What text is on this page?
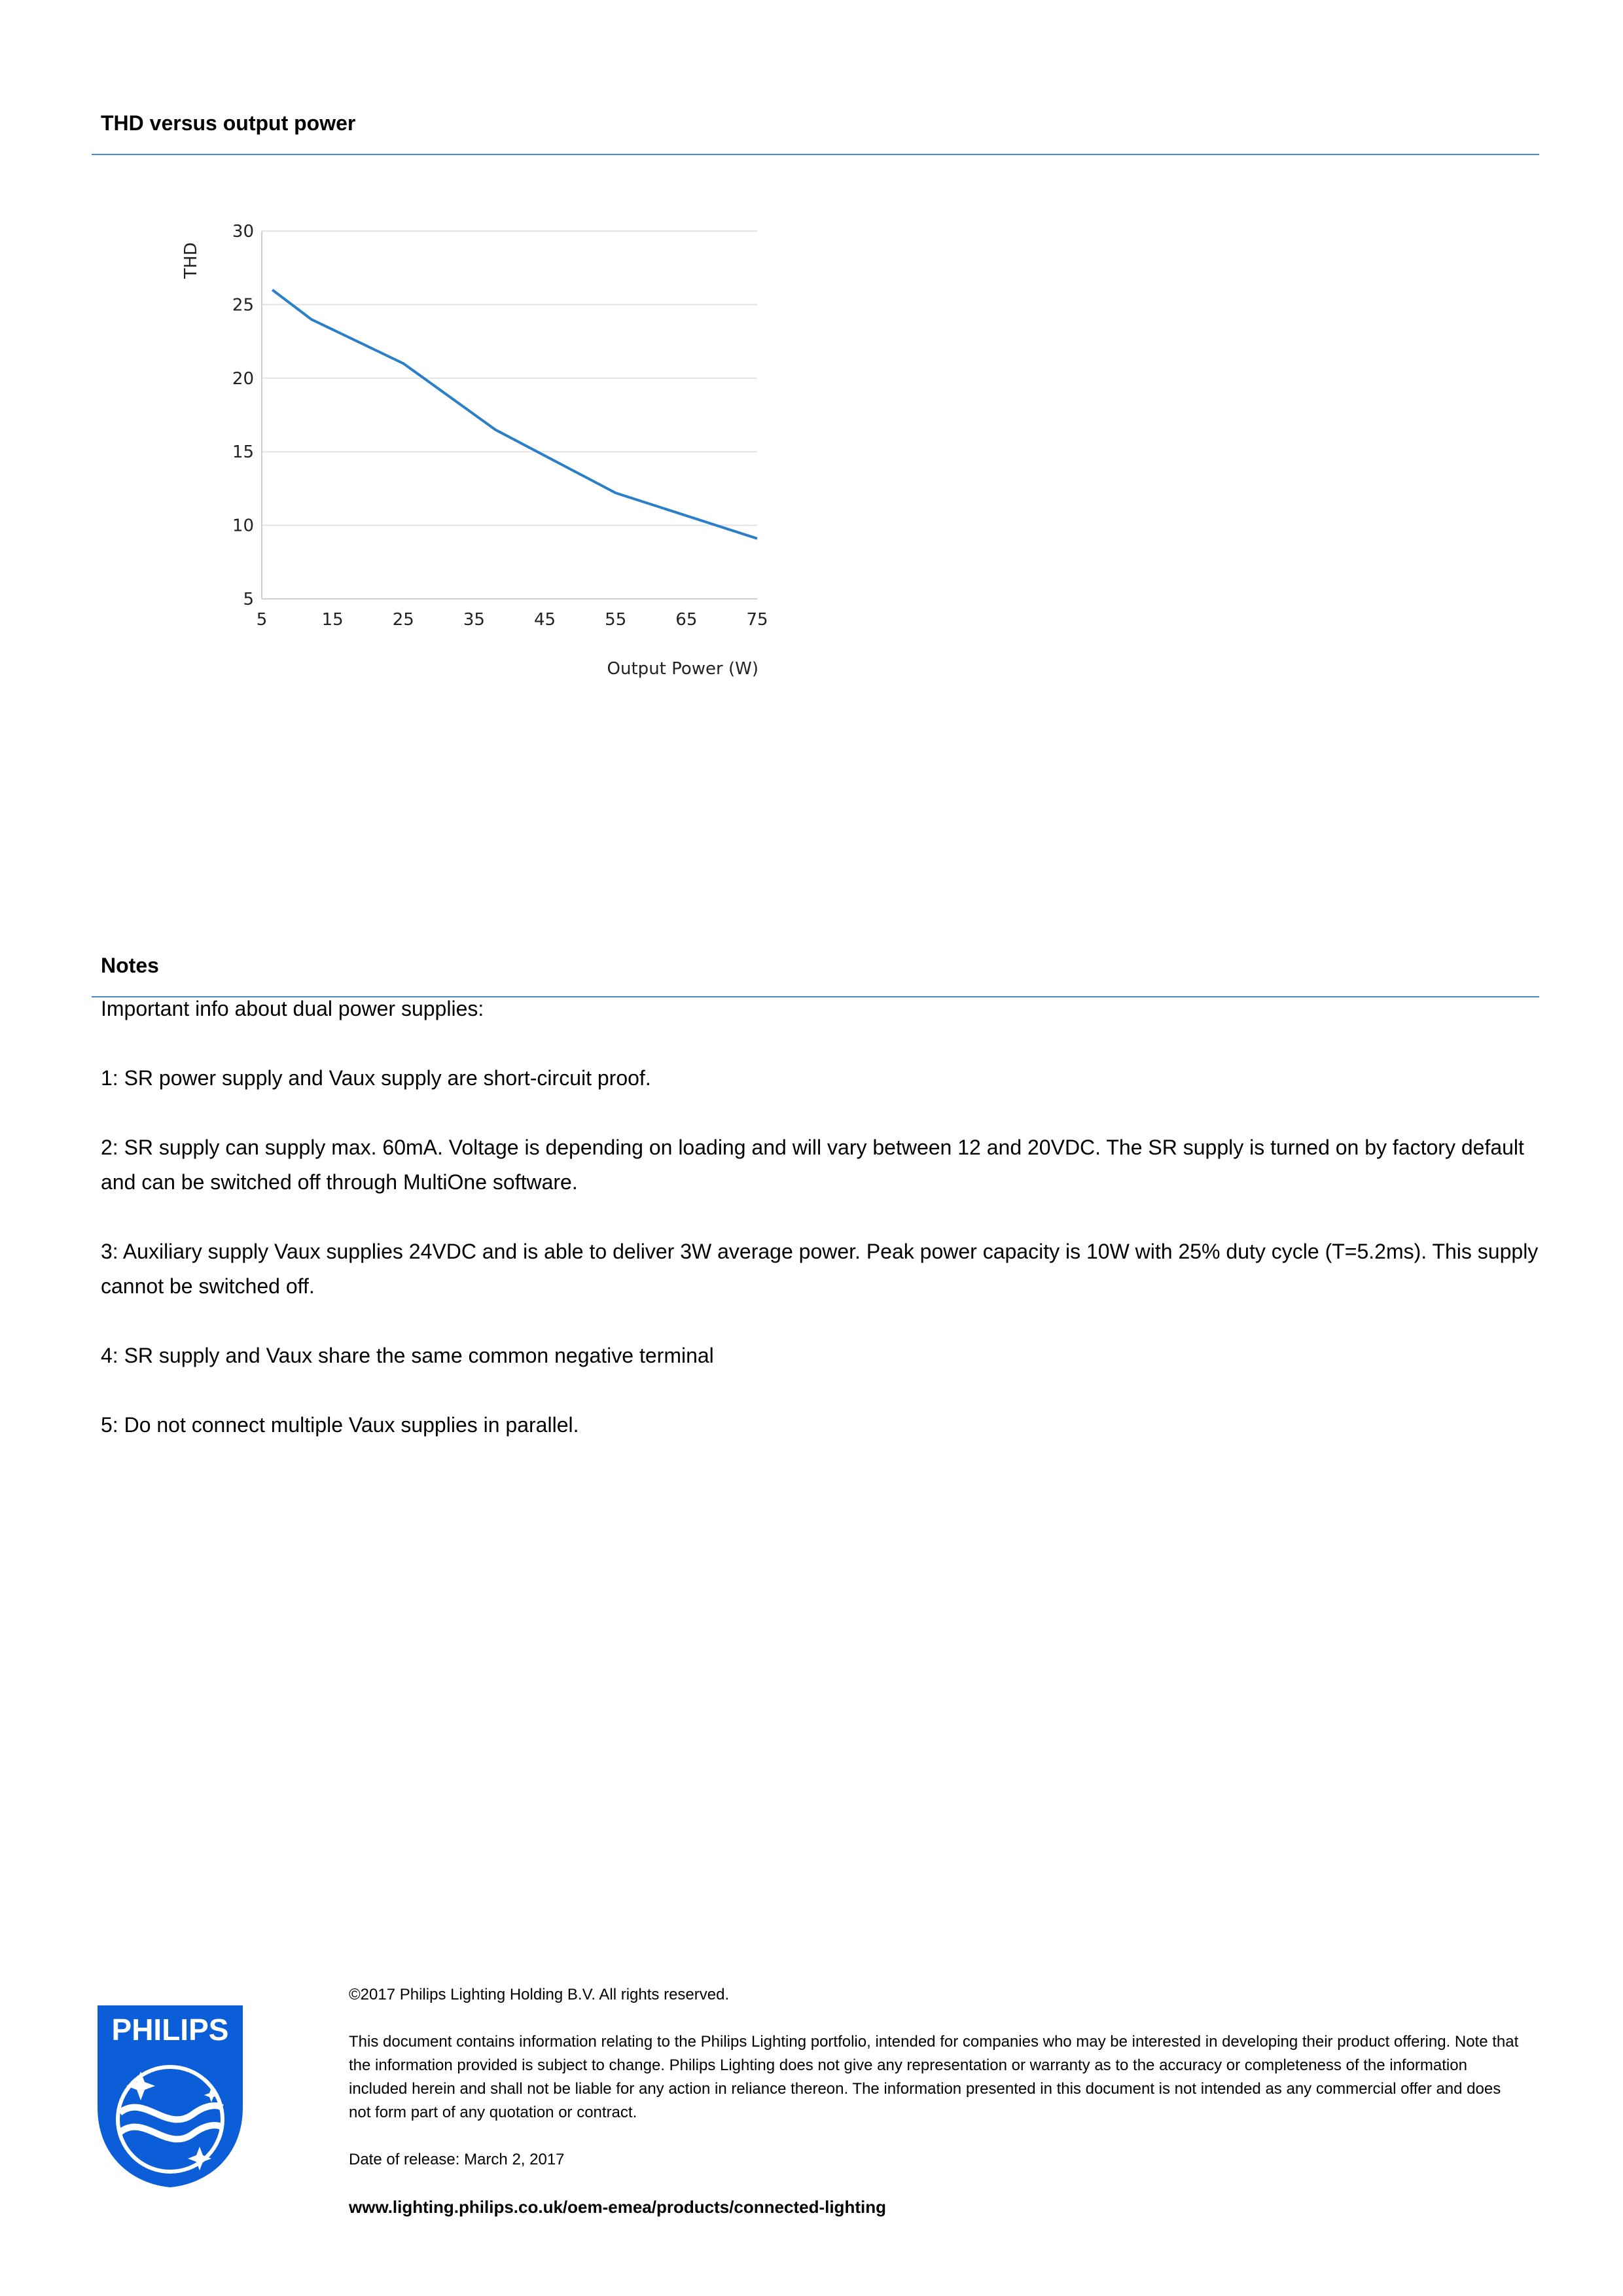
THD versus output power
5	15	25	35	45	55	65	75
5
10
15
20
25
30
THD
Output Power (W)
Notes

Important info about dual power supplies:

1: SR power supply and Vaux supply are short-circuit proof.

2: SR supply can supply max. 60mA. Voltage is depending on loading and will vary between 12 and 20VDC. The SR supply is turned on by factory default and can be switched off through MultiOne software.

3: Auxiliary supply Vaux supplies 24VDC and is able to deliver 3W average power. Peak power capacity is 10W with 25% duty cycle (T=5.2ms). This supply cannot be switched off.

4: SR supply and Vaux share the same common negative terminal

5: Do not connect multiple Vaux supplies in parallel.

PHILIPS

©2017 Philips Lighting Holding B.V. All rights reserved.

This document contains information relating to the Philips Lighting portfolio, intended for companies who may be interested in developing their product offering. Note that the information provided is subject to change. Philips Lighting does not give any representation or warranty as to the accuracy or completeness of the information included herein and shall not be liable for any action in reliance thereon. The information presented in this document is not intended as any commercial offer and does not form part of any quotation or contract.

Date of release: March 2, 2017

www.lighting.philips.co.uk/oem-emea/products/connected-lighting
